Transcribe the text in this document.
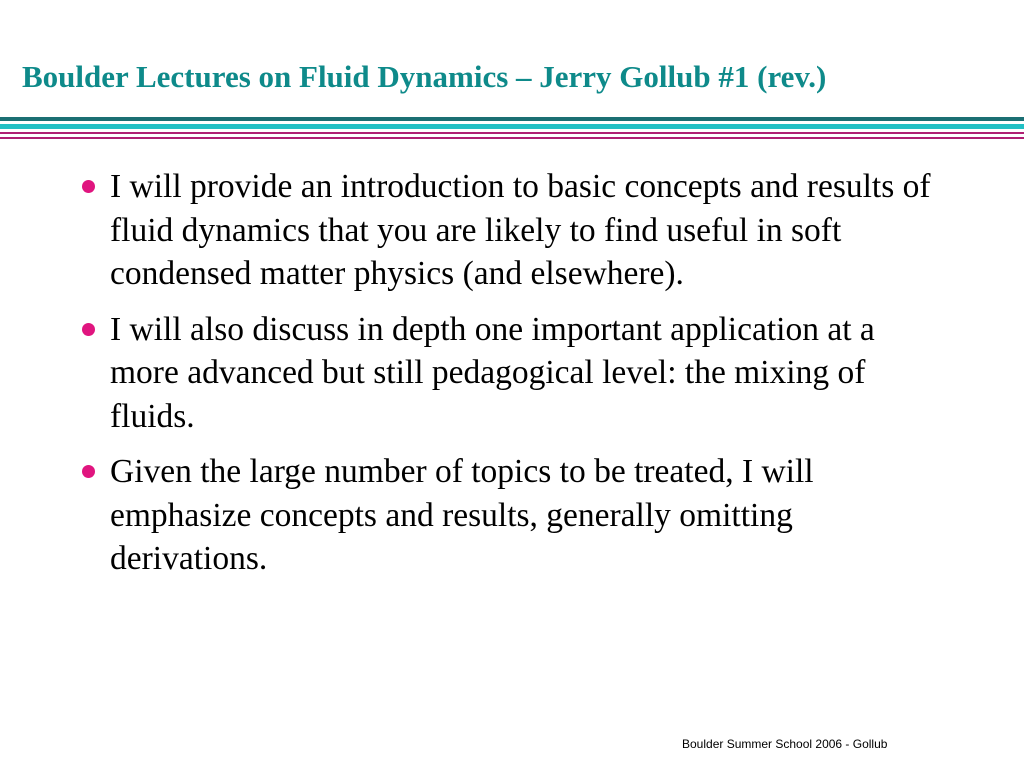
Boulder Lectures on Fluid Dynamics – Jerry Gollub #1 (rev.)
I will provide an introduction to basic concepts and results of fluid dynamics that you are likely to find useful in soft condensed matter physics (and elsewhere).
I will also discuss in depth one important application at a more advanced but still pedagogical level: the mixing of fluids.
Given the large number of topics to be treated, I will emphasize concepts and results, generally omitting derivations.
Boulder Summer School 2006 - Gollub
